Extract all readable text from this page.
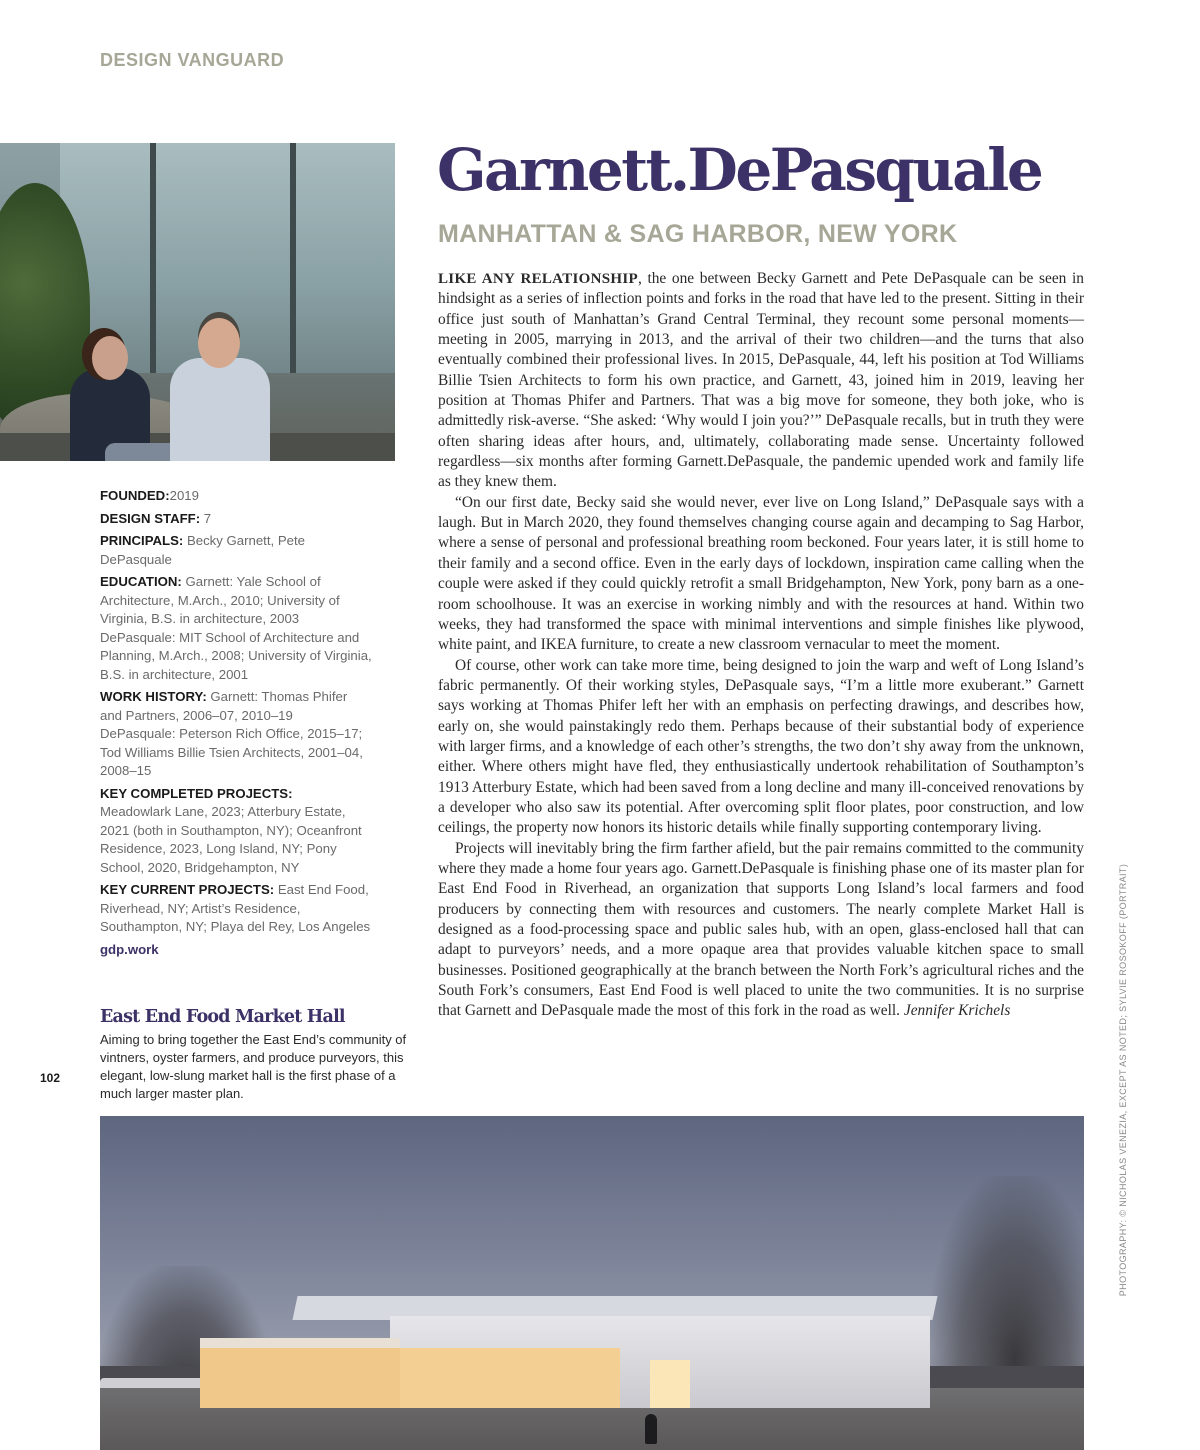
DESIGN VANGUARD
Garnett.DePasquale
MANHATTAN & SAG HARBOR, NEW YORK

LIKE ANY RELATIONSHIP, the one between Becky Garnett and Pete DePasquale can be seen in hindsight as a series of inflection points and forks in the road that have led to the present. Sitting in their office just south of Manhattan’s Grand Central Terminal, they recount some personal moments—meeting in 2005, marrying in 2013, and the arrival of their two children—and the turns that also eventually combined their professional lives. In 2015, DePasquale, 44, left his position at Tod Williams Billie Tsien Architects to form his own practice, and Garnett, 43, joined him in 2019, leaving her position at Thomas Phifer and Partners. That was a big move for someone, they both joke, who is admittedly risk-averse. “She asked: ‘Why would I join you?’” DePasquale recalls, but in truth they were often sharing ideas after hours, and, ultimately, collaborating made sense. Uncertainty followed regardless—six months after forming Garnett.DePasquale, the pandemic upended work and family life as they knew them.

“On our first date, Becky said she would never, ever live on Long Island,” DePasquale says with a laugh. But in March 2020, they found themselves changing course again and decamping to Sag Harbor, where a sense of personal and professional breathing room beckoned. Four years later, it is still home to their family and a second office. Even in the early days of lockdown, inspiration came calling when the couple were asked if they could quickly retrofit a small Bridgehampton, New York, pony barn as a one-room schoolhouse. It was an exercise in working nimbly and with the resources at hand. Within two weeks, they had transformed the space with minimal interventions and simple finishes like plywood, white paint, and IKEA furniture, to create a new classroom vernacular to meet the moment.

Of course, other work can take more time, being designed to join the warp and weft of Long Island’s fabric permanently. Of their working styles, DePasquale says, “I’m a little more exuberant.” Garnett says working at Thomas Phifer left her with an emphasis on perfecting drawings, and describes how, early on, she would painstakingly redo them. Perhaps because of their substantial body of experience with larger firms, and a knowledge of each other’s strengths, the two don’t shy away from the unknown, either. Where others might have fled, they enthusiastically undertook rehabilitation of Southampton’s 1913 Atterbury Estate, which had been saved from a long decline and many ill-conceived renovations by a developer who also saw its potential. After overcoming split floor plates, poor construction, and low ceilings, the property now honors its historic details while finally supporting contemporary living.

Projects will inevitably bring the firm farther afield, but the pair remains committed to the community where they made a home four years ago. Garnett.DePasquale is finishing phase one of its master plan for East End Food in Riverhead, an organization that supports Long Island’s local farmers and food producers by connecting them with resources and customers. The nearly complete Market Hall is designed as a food-processing space and public sales hub, with an open, glass-enclosed hall that can adapt to purveyors’ needs, and a more opaque area that provides valuable kitchen space to small businesses. Positioned geographically at the branch between the North Fork’s agricultural riches and the South Fork’s consumers, East End Food is well placed to unite the two communities. It is no surprise that Garnett and DePasquale made the most of this fork in the road as well. Jennifer Krichels

FOUNDED:2019
DESIGN STAFF: 7
PRINCIPALS: Becky Garnett, Pete DePasquale
EDUCATION: Garnett: Yale School of Architecture, M.Arch., 2010; University of Virginia, B.S. in architecture, 2003 DePasquale: MIT School of Architecture and Planning, M.Arch., 2008; University of Virginia, B.S. in architecture, 2001
WORK HISTORY: Garnett: Thomas Phifer and Partners, 2006–07, 2010–19 DePasquale: Peterson Rich Office, 2015–17; Tod Williams Billie Tsien Architects, 2001–04, 2008–15
KEY COMPLETED PROJECTS:
Meadowlark Lane, 2023; Atterbury Estate, 2021 (both in Southampton, NY); Oceanfront Residence, 2023, Long Island, NY; Pony School, 2020, Bridgehampton, NY
KEY CURRENT PROJECTS: East End Food, Riverhead, NY; Artist’s Residence, Southampton, NY; Playa del Rey, Los Angeles
gdp.work
East End Food Market Hall
Aiming to bring together the East End’s community of vintners, oyster farmers, and produce purveyors, this elegant, low-slung market hall is the first phase of a much larger master plan.	PHOTOGRAPHY: © NICHOLAS VENEZIA, EXCEPT AS NOTED; SYLVIE ROSOKOFF (PORTRAIT)
102
